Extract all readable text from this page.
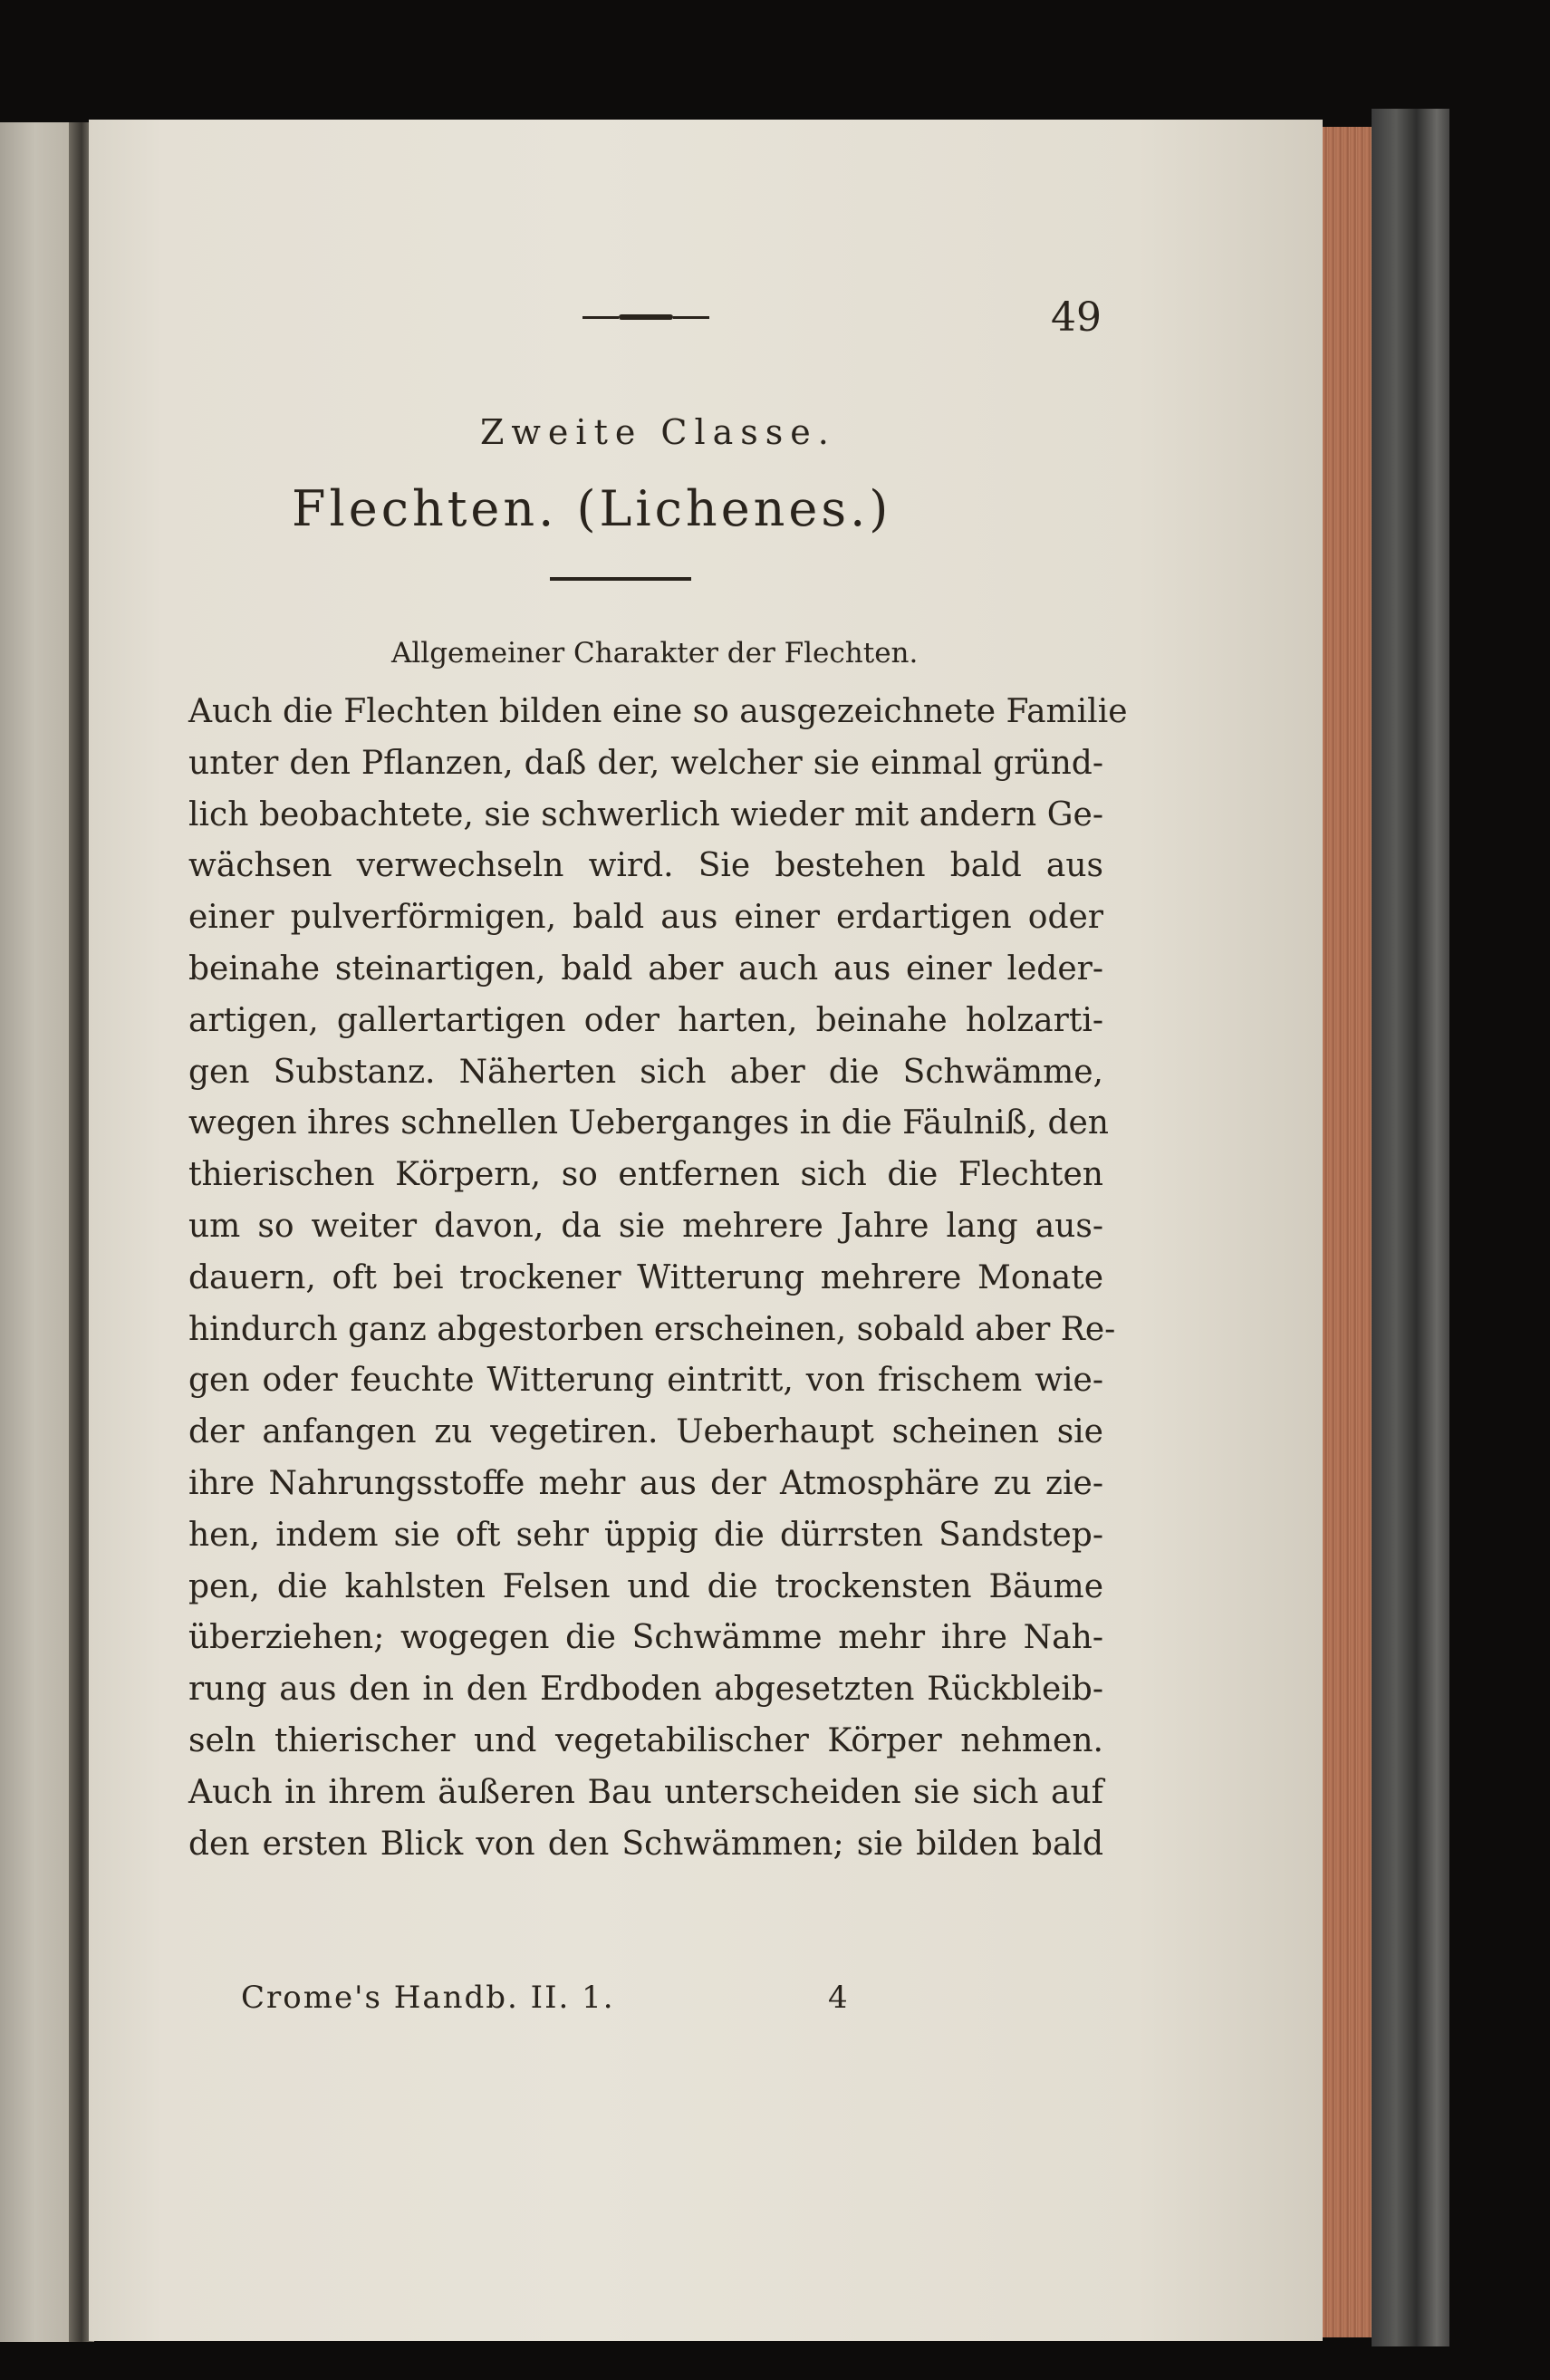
49
Zweite Classe.
Flechten. (Lichenes.)
Allgemeiner Charakter der Flechten.
Auch die Flechten bilden eine so ausgezeichnete Familie
unter den Pflanzen, daß der, welcher sie einmal gründ-
lich beobachtete, sie schwerlich wieder mit andern Ge-
wächsen verwechseln wird. Sie bestehen bald aus
einer pulverförmigen, bald aus einer erdartigen oder
beinahe steinartigen, bald aber auch aus einer leder-
artigen, gallertartigen oder harten, beinahe holzarti-
gen Substanz. Näherten sich aber die Schwämme,
wegen ihres schnellen Ueberganges in die Fäulniß, den
thierischen Körpern, so entfernen sich die Flechten
um so weiter davon, da sie mehrere Jahre lang aus-
dauern, oft bei trockener Witterung mehrere Monate
hindurch ganz abgestorben erscheinen, sobald aber Re-
gen oder feuchte Witterung eintritt, von frischem wie-
der anfangen zu vegetiren. Ueberhaupt scheinen sie
ihre Nahrungsstoffe mehr aus der Atmosphäre zu zie-
hen, indem sie oft sehr üppig die dürrsten Sandstep-
pen, die kahlsten Felsen und die trockensten Bäume
überziehen; wogegen die Schwämme mehr ihre Nah-
rung aus den in den Erdboden abgesetzten Rückbleib-
seln thierischer und vegetabilischer Körper nehmen.
Auch in ihrem äußeren Bau unterscheiden sie sich auf
den ersten Blick von den Schwämmen; sie bilden bald
Crome's Handb. II. 1.	4
